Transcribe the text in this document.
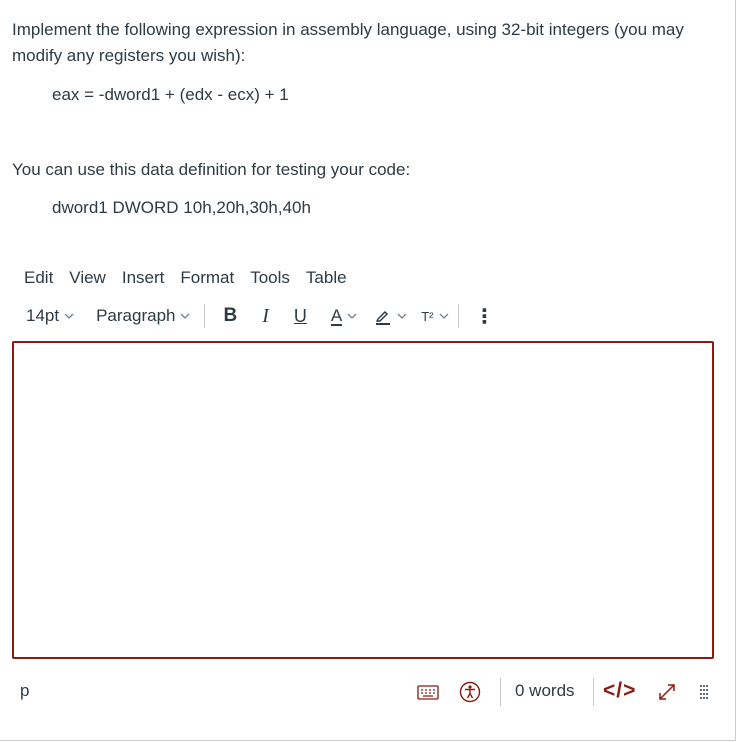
Implement the following expression in assembly language, using 32-bit integers (you may modify any registers you wish):
eax = -dword1 + (edx - ecx) + 1
You can use this data definition for testing your code:
dword1 DWORD 10h,20h,30h,40h
Edit View Insert Format Tools Table
14pt Paragraph	B I U A	T² ⋮
p	0 words </>
